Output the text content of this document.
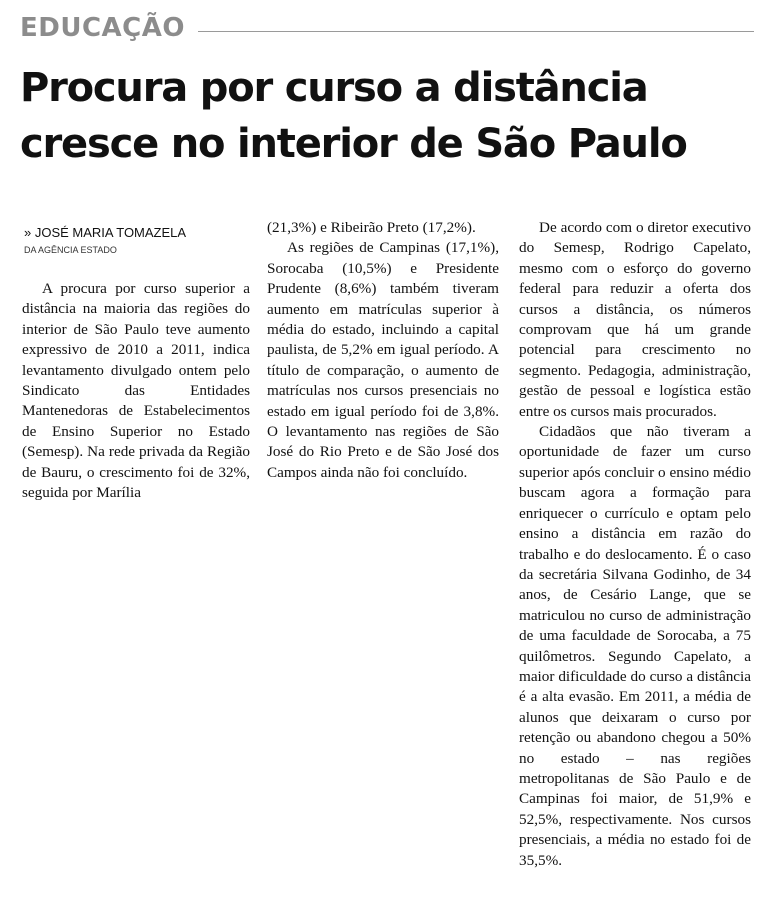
EDUCAÇÃO
Procura por curso a distância
cresce no interior de São Paulo
» JOSÉ MARIA TOMAZELA
DA AGÊNCIA ESTADO

A procura por curso superior a distância na maioria das regiões do interior de São Paulo teve aumento expressivo de 2010 a 2011, indica levantamento divulgado ontem pelo Sindicato das Entidades Mantenedoras de Estabelecimentos de Ensino Superior no Estado (Semesp). Na rede privada da Região de Bauru, o crescimento foi de 32%, seguida por Marília

(21,3%) e Ribeirão Preto (17,2%).

As regiões de Campinas (17,1%), Sorocaba (10,5%) e Presidente Prudente (8,6%) também tiveram aumento em matrículas superior à média do estado, incluindo a capital paulista, de 5,2% em igual período. A título de comparação, o aumento de matrículas nos cursos presenciais no estado em igual período foi de 3,8%. O levantamento nas regiões de São José do Rio Preto e de São José dos Campos ainda não foi concluído.

De acordo com o diretor executivo do Semesp, Rodrigo Capelato, mesmo com o esforço do governo federal para reduzir a oferta dos cursos a distância, os números comprovam que há um grande potencial para crescimento no segmento. Pedagogia, administração, gestão de pessoal e logística estão entre os cursos mais procurados.

Cidadãos que não tiveram a oportunidade de fazer um curso superior após concluir o ensino médio buscam agora a formação para enriquecer o currículo e optam pelo ensino a distância em razão do trabalho e do deslocamento. É o caso da secretária Silvana Godinho, de 34 anos, de Cesário Lange, que se matriculou no curso de administração de uma faculdade de Sorocaba, a 75 quilômetros. Segundo Capelato, a maior dificuldade do curso a distância é a alta evasão. Em 2011, a média de alunos que deixaram o curso por retenção ou abandono chegou a 50% no estado – nas regiões metropolitanas de São Paulo e de Campinas foi maior, de 51,9% e 52,5%, respectivamente. Nos cursos presenciais, a média no estado foi de 35,5%.
